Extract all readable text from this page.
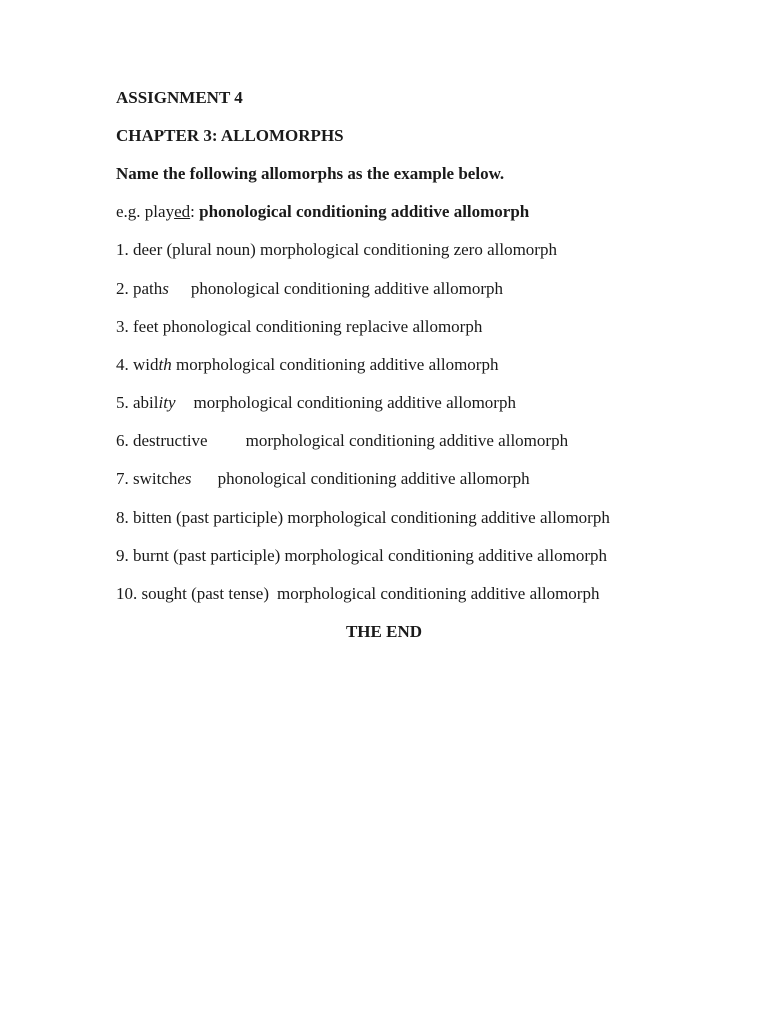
ASSIGNMENT 4
CHAPTER 3: ALLOMORPHS
Name the following allomorphs as the example below.
e.g. played: phonological conditioning additive allomorph
1. deer (plural noun) morphological conditioning zero allomorph
2. paths phonological conditioning additive allomorph
3. feet phonological conditioning replacive allomorph
4. width morphological conditioning additive allomorph
5. ability morphological conditioning additive allomorph
6. destructive morphological conditioning additive allomorph
7. switches phonological conditioning additive allomorph
8. bitten (past participle) morphological conditioning additive allomorph
9. burnt (past participle) morphological conditioning additive allomorph
10. sought (past tense) morphological conditioning additive allomorph
THE END
